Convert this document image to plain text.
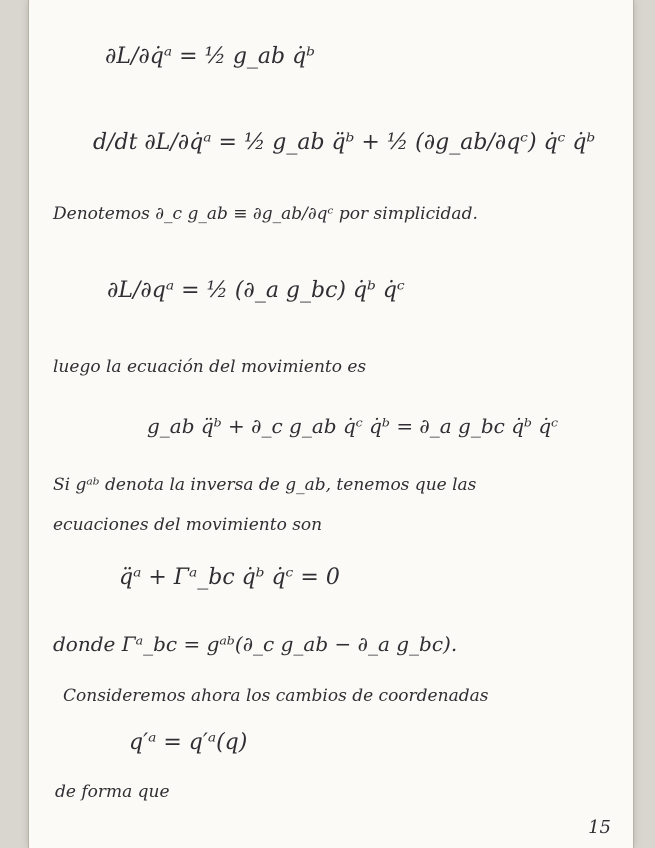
∂L/∂q̇ᵃ = ½ g_ab q̇ᵇ
d/dt ∂L/∂q̇ᵃ = ½ g_ab q̈ᵇ + ½ (∂g_ab/∂qᶜ) q̇ᶜ q̇ᵇ
Denotemos ∂_c g_ab ≡ ∂g_ab/∂qᶜ por simplicidad.
∂L/∂qᵃ = ½ (∂_a g_bc) q̇ᵇ q̇ᶜ
luego la ecuación del movimiento es
g_ab q̈ᵇ + ∂_c g_ab q̇ᶜ q̇ᵇ = ∂_a g_bc q̇ᵇ q̇ᶜ
Si gᵃᵇ denota la inversa de g_ab, tenemos que las
ecuaciones del movimiento son
q̈ᵃ + Γᵃ_bc q̇ᵇ q̇ᶜ = 0
donde Γᵃ_bc = gᵃᵇ(∂_c g_ab − ∂_a g_bc).
Consideremos ahora los cambios de coordenadas
q′ᵃ = q′ᵃ(q)
de forma que
15
